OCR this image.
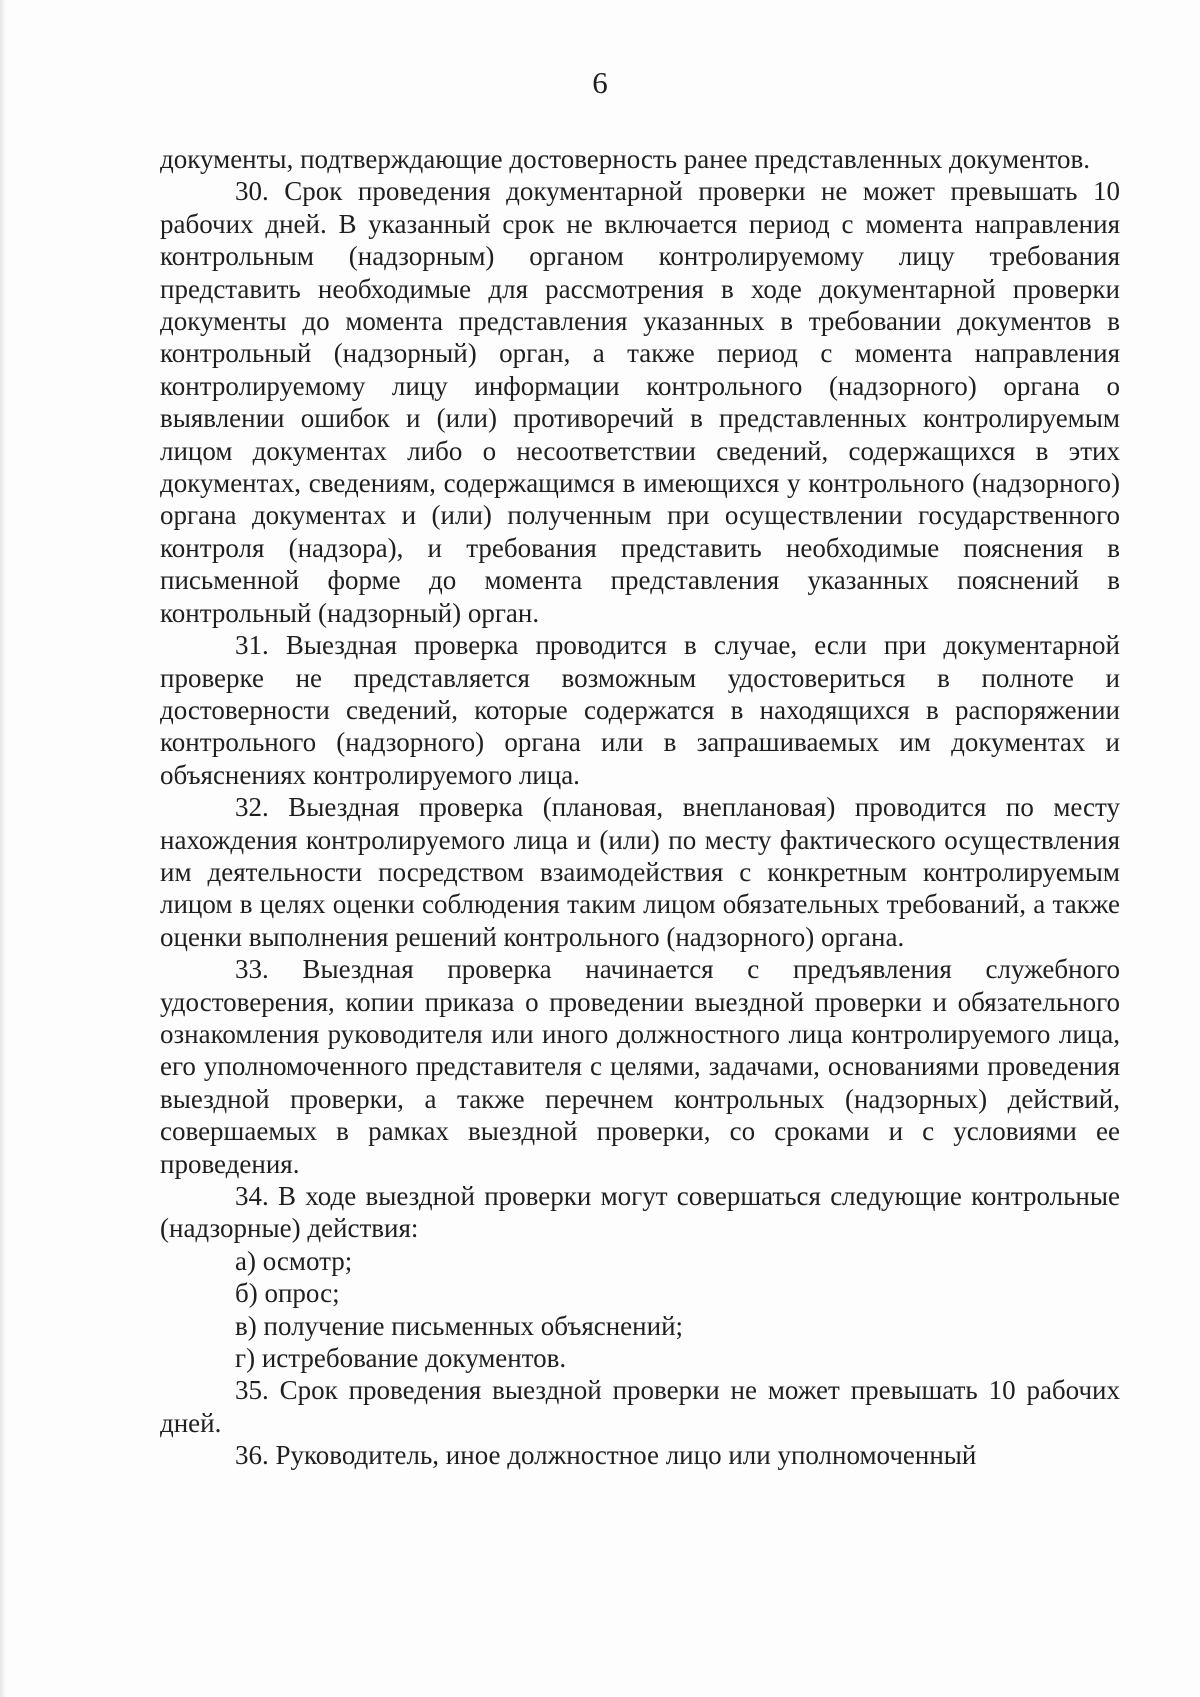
6

документы, подтверждающие достоверность ранее представленных документов.

30. Срок проведения документарной проверки не может превышать 10 рабочих дней. В указанный срок не включается период с момента направления контрольным (надзорным) органом контролируемому лицу требования представить необходимые для рассмотрения в ходе документарной проверки документы до момента представления указанных в требовании документов в контрольный (надзорный) орган, а также период с момента направления контролируемому лицу информации контрольного (надзорного) органа о выявлении ошибок и (или) противоречий в представленных контролируемым лицом документах либо о несоответствии сведений, содержащихся в этих документах, сведениям, содержащимся в имеющихся у контрольного (надзорного) органа документах и (или) полученным при осуществлении государственного контроля (надзора), и требования представить необходимые пояснения в письменной форме до момента представления указанных пояснений в контрольный (надзорный) орган.

31. Выездная проверка проводится в случае, если при документарной проверке не представляется возможным удостовериться в полноте и достоверности сведений, которые содержатся в находящихся в распоряжении контрольного (надзорного) органа или в запрашиваемых им документах и объяснениях контролируемого лица.

32. Выездная проверка (плановая, внеплановая) проводится по месту нахождения контролируемого лица и (или) по месту фактического осуществления им деятельности посредством взаимодействия с конкретным контролируемым лицом в целях оценки соблюдения таким лицом обязательных требований, а также оценки выполнения решений контрольного (надзорного) органа.

33. Выездная проверка начинается с предъявления служебного удостоверения, копии приказа о проведении выездной проверки и обязательного ознакомления руководителя или иного должностного лица контролируемого лица, его уполномоченного представителя с целями, задачами, основаниями проведения выездной проверки, а также перечнем контрольных (надзорных) действий, совершаемых в рамках выездной проверки, со сроками и с условиями ее проведения.

34. В ходе выездной проверки могут совершаться следующие контрольные (надзорные) действия:

а) осмотр;

б) опрос;

в) получение письменных объяснений;

г) истребование документов.

35. Срок проведения выездной проверки не может превышать 10 рабочих дней.

36. Руководитель, иное должностное лицо или уполномоченный
